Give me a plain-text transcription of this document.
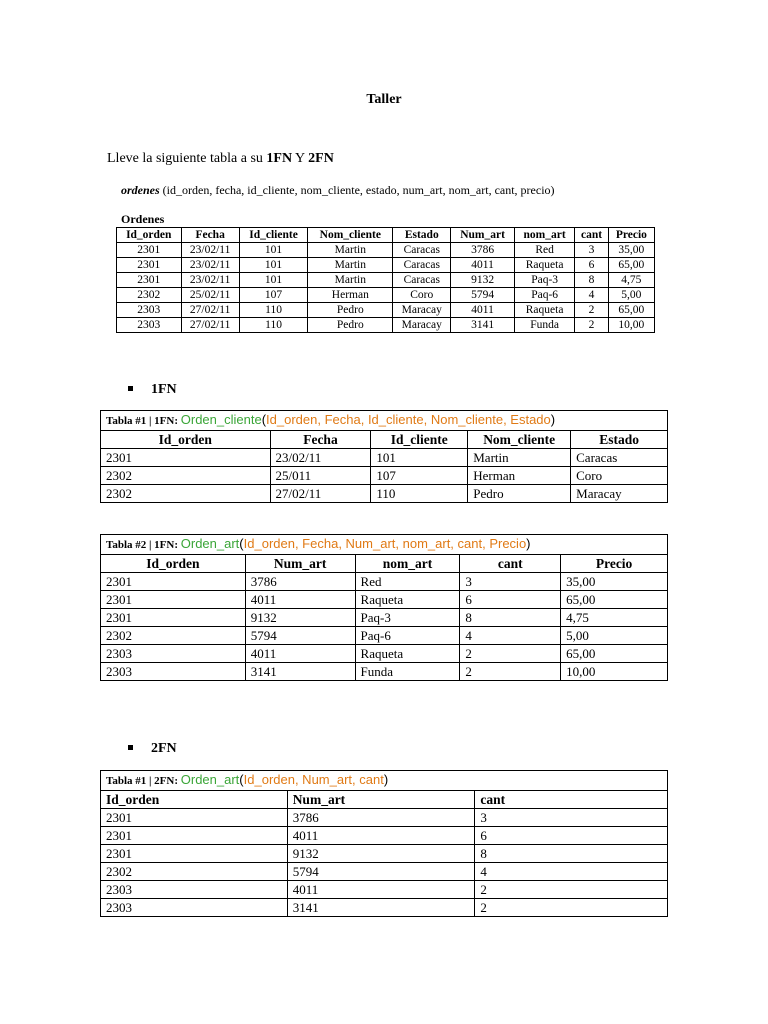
Taller
Lleve la siguiente tabla a su 1FN Y 2FN
ordenes (id_orden, fecha, id_cliente, nom_cliente, estado, num_art, nom_art, cant, precio)
Ordenes
Id_orden	Fecha	Id_cliente	Nom_cliente	Estado	Num_art	nom_art	cant	Precio
2301	23/02/11	101	Martin	Caracas	3786	Red	3	35,00
2301	23/02/11	101	Martin	Caracas	4011	Raqueta	6	65,00
2301	23/02/11	101	Martin	Caracas	9132	Paq-3	8	4,75
2302	25/02/11	107	Herman	Coro	5794	Paq-6	4	5,00
2303	27/02/11	110	Pedro	Maracay	4011	Raqueta	2	65,00
2303	27/02/11	110	Pedro	Maracay	3141	Funda	2	10,00
1FN
Tabla #1 | 1FN: Orden_cliente(Id_orden, Fecha, Id_cliente, Nom_cliente, Estado)				
Id_orden	Fecha	Id_cliente	Nom_cliente	Estado
2301	23/02/11	101	Martin	Caracas
2302	25/011	107	Herman	Coro
2302	27/02/11	110	Pedro	Maracay
Tabla #2 | 1FN: Orden_art(Id_orden, Fecha, Num_art, nom_art, cant, Precio)				
Id_orden	Num_art	nom_art	cant	Precio
2301	3786	Red	3	35,00
2301	4011	Raqueta	6	65,00
2301	9132	Paq-3	8	4,75
2302	5794	Paq-6	4	5,00
2303	4011	Raqueta	2	65,00
2303	3141	Funda	2	10,00
2FN
Tabla #1 | 2FN: Orden_art(Id_orden, Num_art, cant)		
Id_orden	Num_art	cant
2301	3786	3
2301	4011	6
2301	9132	8
2302	5794	4
2303	4011	2
2303	3141	2
